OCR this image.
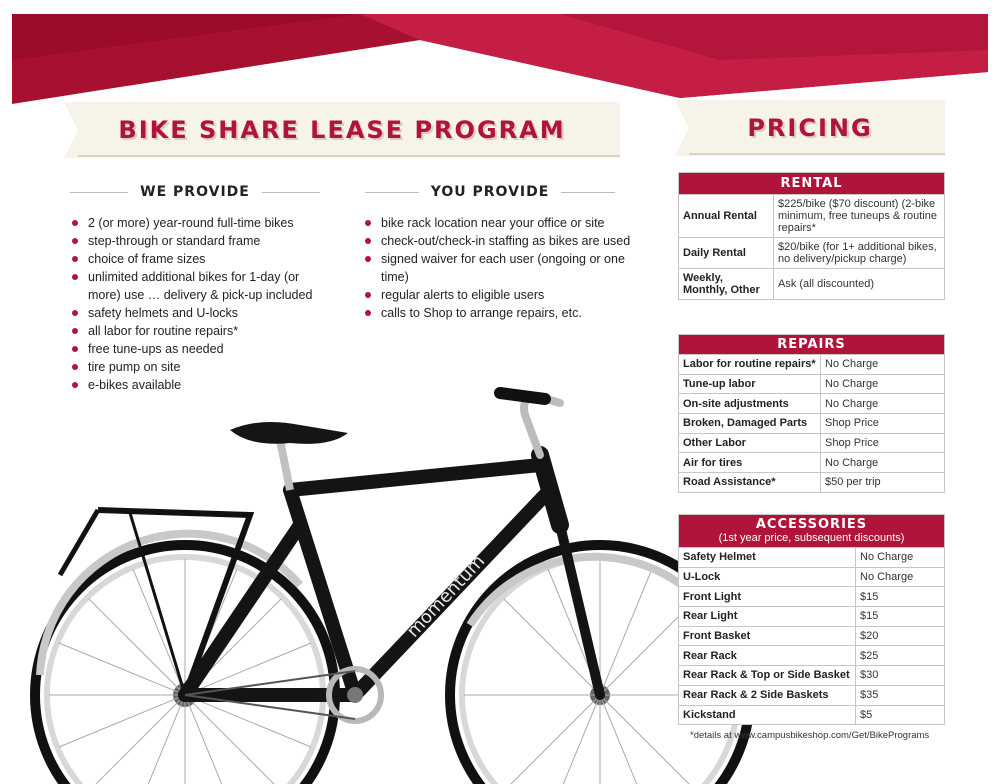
BIKE SHARE LEASE PROGRAM	PRICING
WE PROVIDE
2 (or more) year-round full-time bikes
step-through or standard frame
choice of frame sizes
unlimited additional bikes for 1-day (or more) use … delivery & pick-up included
safety helmets and U-locks
all labor for routine repairs*
free tune-ups as needed
tire pump on site
e-bikes available
YOU PROVIDE
bike rack location near your office or site
check-out/check-in staffing as bikes are used
signed waiver for each user (ongoing or one time)
regular alerts to eligible users
calls to Shop to arrange repairs, etc.
momentum
RENTAL	
Annual Rental	$225/bike ($70 discount) (2-bike minimum, free tuneups & routine repairs*
Daily Rental	$20/bike (for 1+ additional bikes, no delivery/pickup charge)
Weekly, Monthly, Other	Ask (all discounted)
REPAIRS	
Labor for routine repairs*	No Charge
Tune-up labor	No Charge
On-site adjustments	No Charge
Broken, Damaged Parts	Shop Price
Other Labor	Shop Price
Air for tires	No Charge
Road Assistance*	$50 per trip
ACCESSORIES
(1st year price, subsequent discounts)	

Safety Helmet	No Charge
U-Lock	No Charge
Front Light	$15
Rear Light	$15
Front Basket	$20
Rear Rack	$25
Rear Rack & Top or Side Basket	$30
Rear Rack & 2 Side Baskets	$35
Kickstand	$5
*details at www.campusbikeshop.com/Get/BikePrograms
